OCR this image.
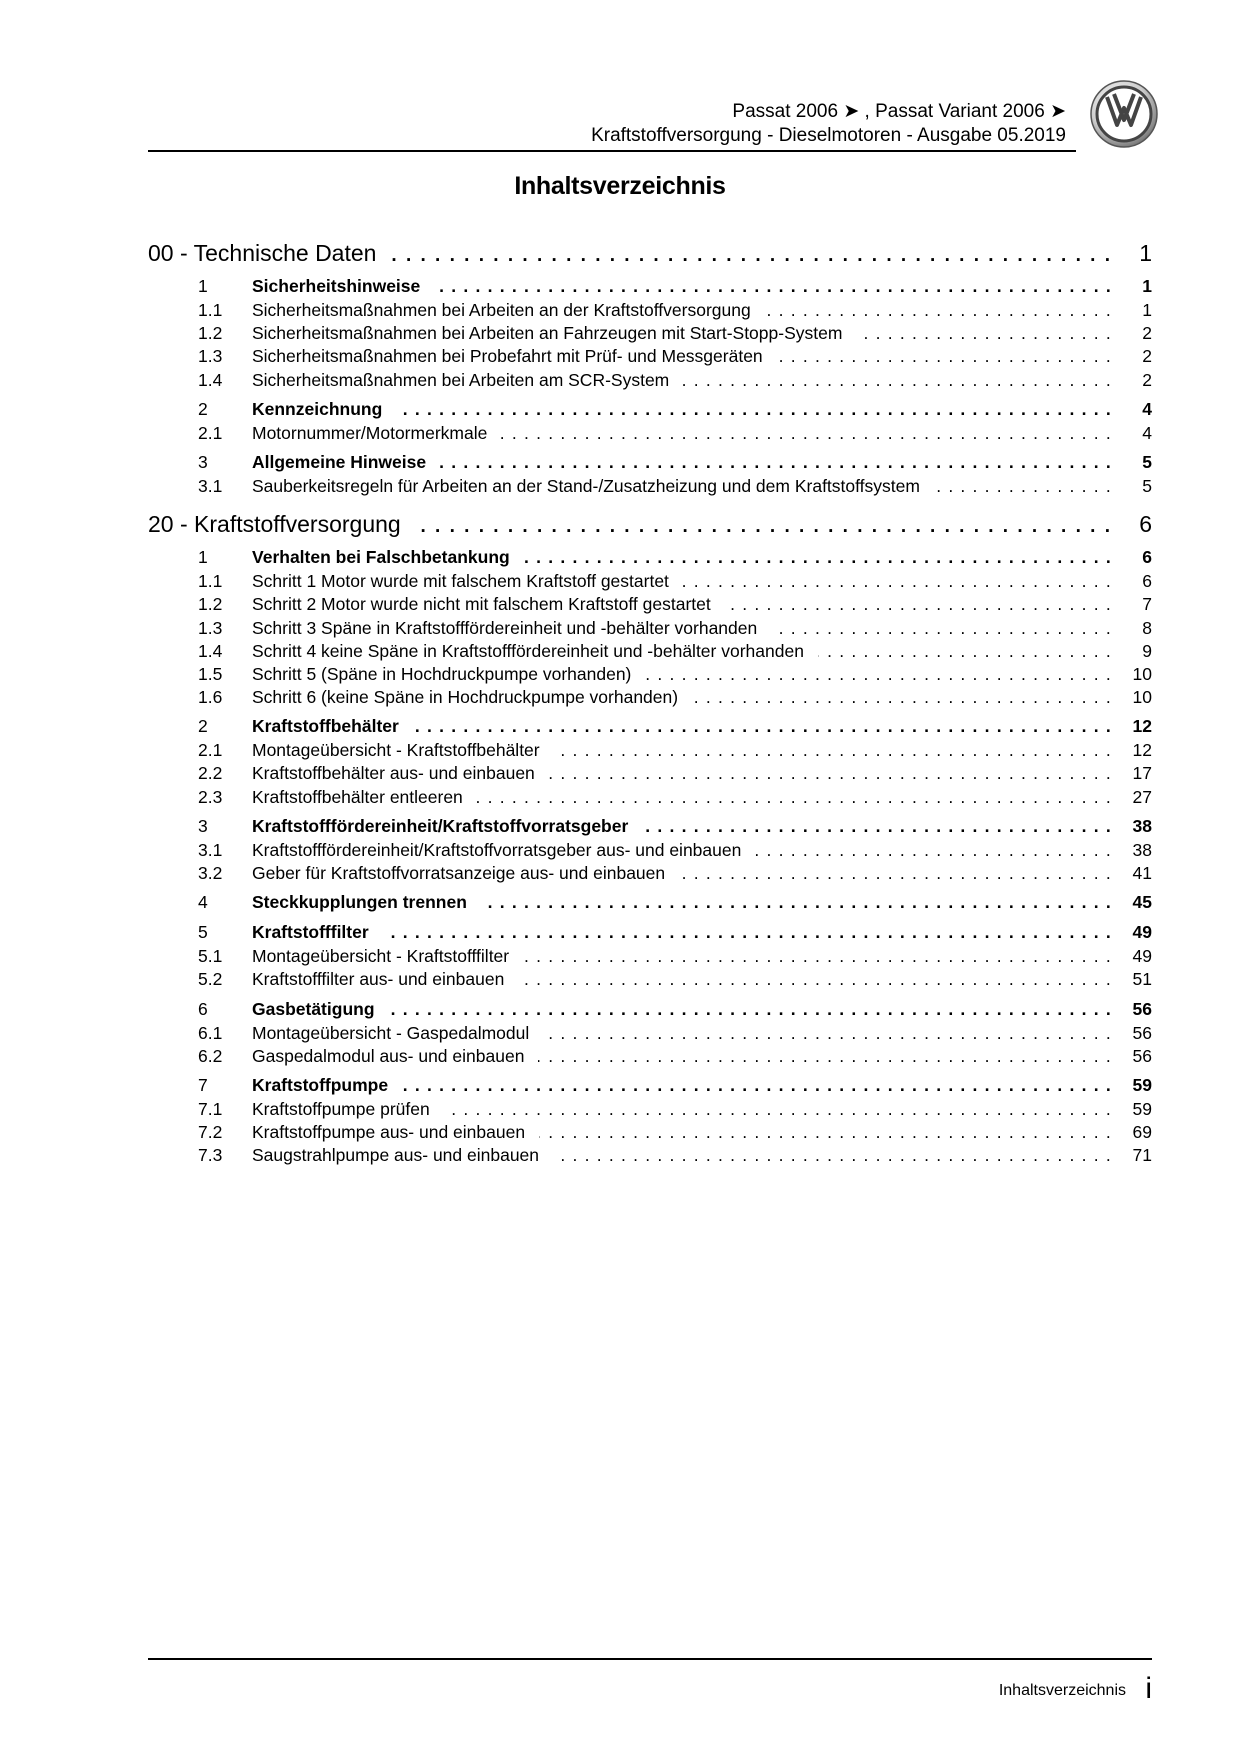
Passat 2006 ➤ , Passat Variant 2006 ➤
Kraftstoffversorgung - Dieselmotoren - Ausgabe 05.2019
Inhaltsverzeichnis
00 - Technische Daten . . .	1
1	Sicherheitshinweise . . .	1
1.1	Sicherheitsmaßnahmen bei Arbeiten an der Kraftstoffversorgung . . .	1
1.2	Sicherheitsmaßnahmen bei Arbeiten an Fahrzeugen mit Start-Stopp-System . . .	2
1.3	Sicherheitsmaßnahmen bei Probefahrt mit Prüf- und Messgeräten . . .	2
1.4	Sicherheitsmaßnahmen bei Arbeiten am SCR-System . . .	2
2	Kennzeichnung . . .	4
2.1	Motornummer/Motormerkmale . . .	4
3	Allgemeine Hinweise . . .	5
3.1	Sauberkeitsregeln für Arbeiten an der Stand-/Zusatzheizung und dem Kraftstoffsystem . . .	5
20 - Kraftstoffversorgung . . .	6
1	Verhalten bei Falschbetankung . . .	6
1.1	Schritt 1 Motor wurde mit falschem Kraftstoff gestartet . . .	6
1.2	Schritt 2 Motor wurde nicht mit falschem Kraftstoff gestartet . . .	7
1.3	Schritt 3 Späne in Kraftstofffördereinheit und -behälter vorhanden . . .	8
1.4	Schritt 4 keine Späne in Kraftstofffördereinheit und -behälter vorhanden . . .	9
1.5	Schritt 5 (Späne in Hochdruckpumpe vorhanden) . . .	10
1.6	Schritt 6 (keine Späne in Hochdruckpumpe vorhanden) . . .	10
2	Kraftstoffbehälter . . .	12
2.1	Montageübersicht - Kraftstoffbehälter . . .	12
2.2	Kraftstoffbehälter aus- und einbauen . . .	17
2.3	Kraftstoffbehälter entleeren . . .	27
3	Kraftstofffördereinheit/Kraftstoffvorratsgeber . . .	38
3.1	Kraftstofffördereinheit/Kraftstoffvorratsgeber aus- und einbauen . . .	38
3.2	Geber für Kraftstoffvorratsanzeige aus- und einbauen . . .	41
4	Steckkupplungen trennen . . .	45
5	Kraftstofffilter . . .	49
5.1	Montageübersicht - Kraftstofffilter . . .	49
5.2	Kraftstofffilter aus- und einbauen . . .	51
6	Gasbetätigung . . .	56
6.1	Montageübersicht - Gaspedalmodul . . .	56
6.2	Gaspedalmodul aus- und einbauen . . .	56
7	Kraftstoffpumpe . . .	59
7.1	Kraftstoffpumpe prüfen . . .	59
7.2	Kraftstoffpumpe aus- und einbauen . . .	69
7.3	Saugstrahlpumpe aus- und einbauen . . .	71
Inhaltsverzeichnis i
